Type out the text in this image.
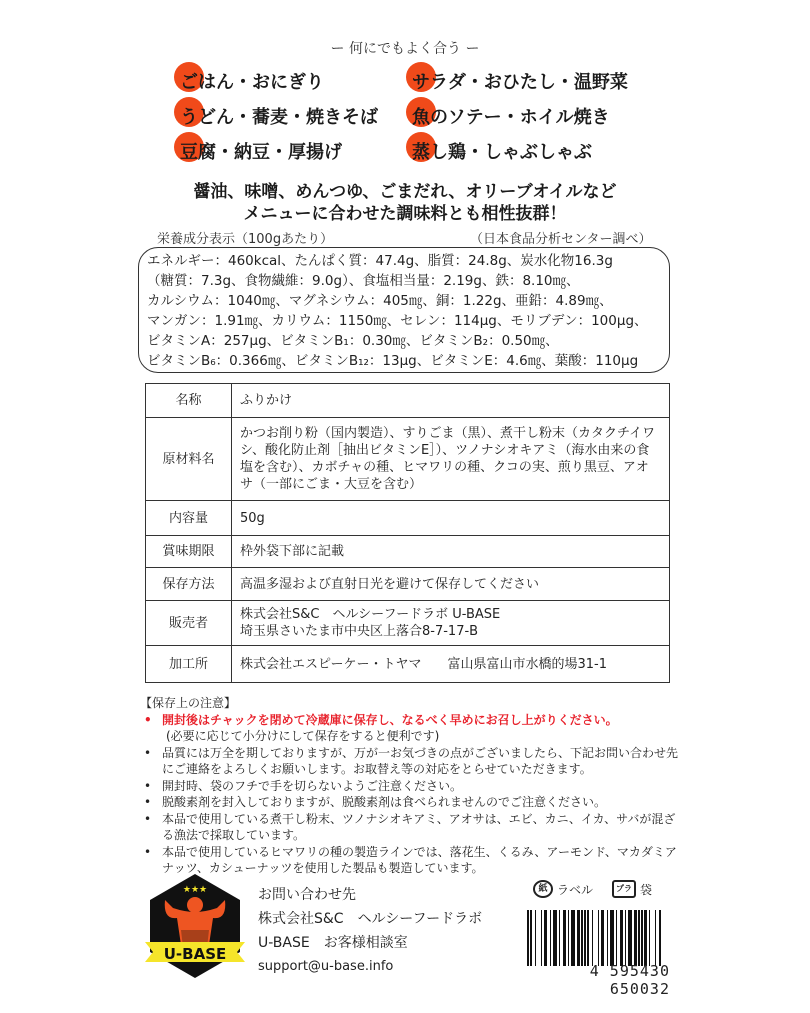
ー 何にでもよく合う ー
ごはん・おにぎり	サラダ・おひたし・温野菜
うどん・蕎麦・焼きそば 魚のソテー・ホイル焼き
豆腐・納豆・厚揚げ	蒸し鶏・しゃぶしゃぶ
醤油、味噌、めんつゆ、ごまだれ、オリーブオイルなど
メニューに合わせた調味料とも相性抜群！
栄養成分表示（100gあたり）	（日本食品分析センター調べ）
エネルギー：460kcal、たんぱく質：47.4g、脂質：24.8g、炭水化物16.3g
（糖質：7.3g、食物繊維：9.0g）、食塩相当量：2.19g、鉄：8.10㎎、
カルシウム：1040㎎、マグネシウム：405㎎、銅：1.22g、亜鉛：4.89㎎、
マンガン：1.91㎎、カリウム：1150㎎、セレン：114μg、モリブデン：100μg、
ビタミンA：257μg、ビタミンB₁：0.30㎎、ビタミンB₂：0.50㎎、
ビタミンB₆：0.366㎎、ビタミンB₁₂：13μg、ビタミンE：4.6㎎、葉酸：110μg
名称	ふりかけ
原材料名	かつお削り粉（国内製造）、すりごま（黒）、煮干し粉末（カタクチイワシ、酸化防止剤［抽出ビタミンE］）、ツノナシオキアミ（海水由来の食塩を含む）、カボチャの種、ヒマワリの種、クコの実、煎り黒豆、アオサ（一部にごま・大豆を含む）
内容量	50g
賞味期限	枠外袋下部に記載
保存方法	高温多湿および直射日光を避けて保存してください
販売者	株式会社S&C　ヘルシーフードラボ U-BASE
埼玉県さいたま市中央区上落合8-7-17-B

加工所	株式会社エスピーケー・トヤマ　　富山県富山市水橋的場31-1
【保存上の注意】
• 開封後はチャックを閉めて冷蔵庫に保存し、なるべく早めにお召し上がりください。
(必要に応じて小分けにして保存をすると便利です)
• 品質には万全を期しておりますが、万が一お気づきの点がございましたら、下記お問い合わせ先にご連絡をよろしくお願いします。お取替え等の対応をとらせていただきます。
• 開封時、袋のフチで手を切らないようご注意ください。
• 脱酸素剤を封入しておりますが、脱酸素剤は食べられませんのでご注意ください。
• 本品で使用している煮干し粉末、ツノナシオキアミ、アオサは、エビ、カニ、イカ、サバが混ざる漁法で採取しています。
• 本品で使用しているヒマワリの種の製造ラインでは、落花生、くるみ、アーモンド、マカダミアナッツ、カシューナッツを使用した製品も製造しています。
★★★
U-BASE
お問い合わせ先
株式会社S&C　ヘルシーフードラボ
U-BASE　お客様相談室
support@u-base.info
紙 ラベル	プラ 袋
4 595430 650032
